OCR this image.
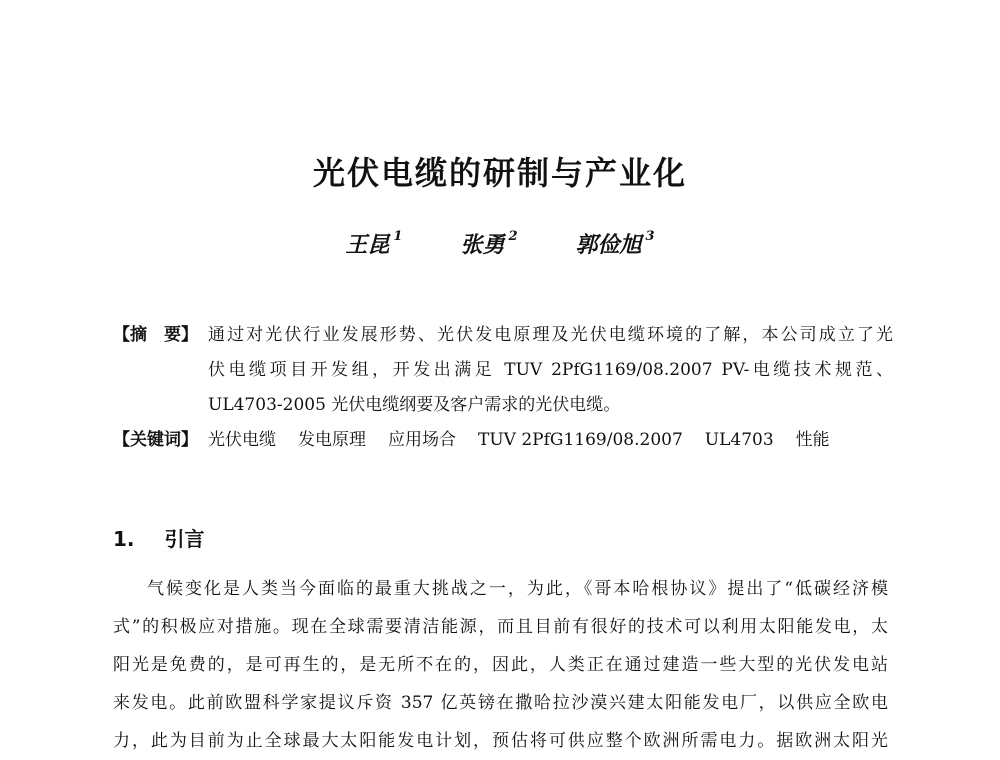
光伏电缆的研制与产业化
王昆 $^1$	张勇 $^2$	郭俭旭 $^3$
【摘　要】 通过对光伏行业发展形势、光伏发电原理及光伏电缆环境的了解，本公司成立了光
伏电缆项目开发组，开发出满足 TUV 2PfG1169/08.2007 PV-电缆技术规范、
UL4703-2005 光伏电缆纲要及客户需求的光伏电缆。
【关键词】 光伏电缆 发电原理 应用场合 TUV 2PfG1169/08.2007 UL4703 性能
1. 引言
气候变化是人类当今面临的最重大挑战之一，为此，《哥本哈根协议》提出了“低碳经济模
式”的积极应对措施。现在全球需要清洁能源，而且目前有很好的技术可以利用太阳能发电，太
阳光是免费的，是可再生的，是无所不在的，因此，人类正在通过建造一些大型的光伏发电站
来发电。此前欧盟科学家提议斥资 357 亿英镑在撒哈拉沙漠兴建太阳能发电厂，以供应全欧电
力，此为目前为止全球最大太阳能发电计划，预估将可供应整个欧洲所需电力。据欧洲太阳光
